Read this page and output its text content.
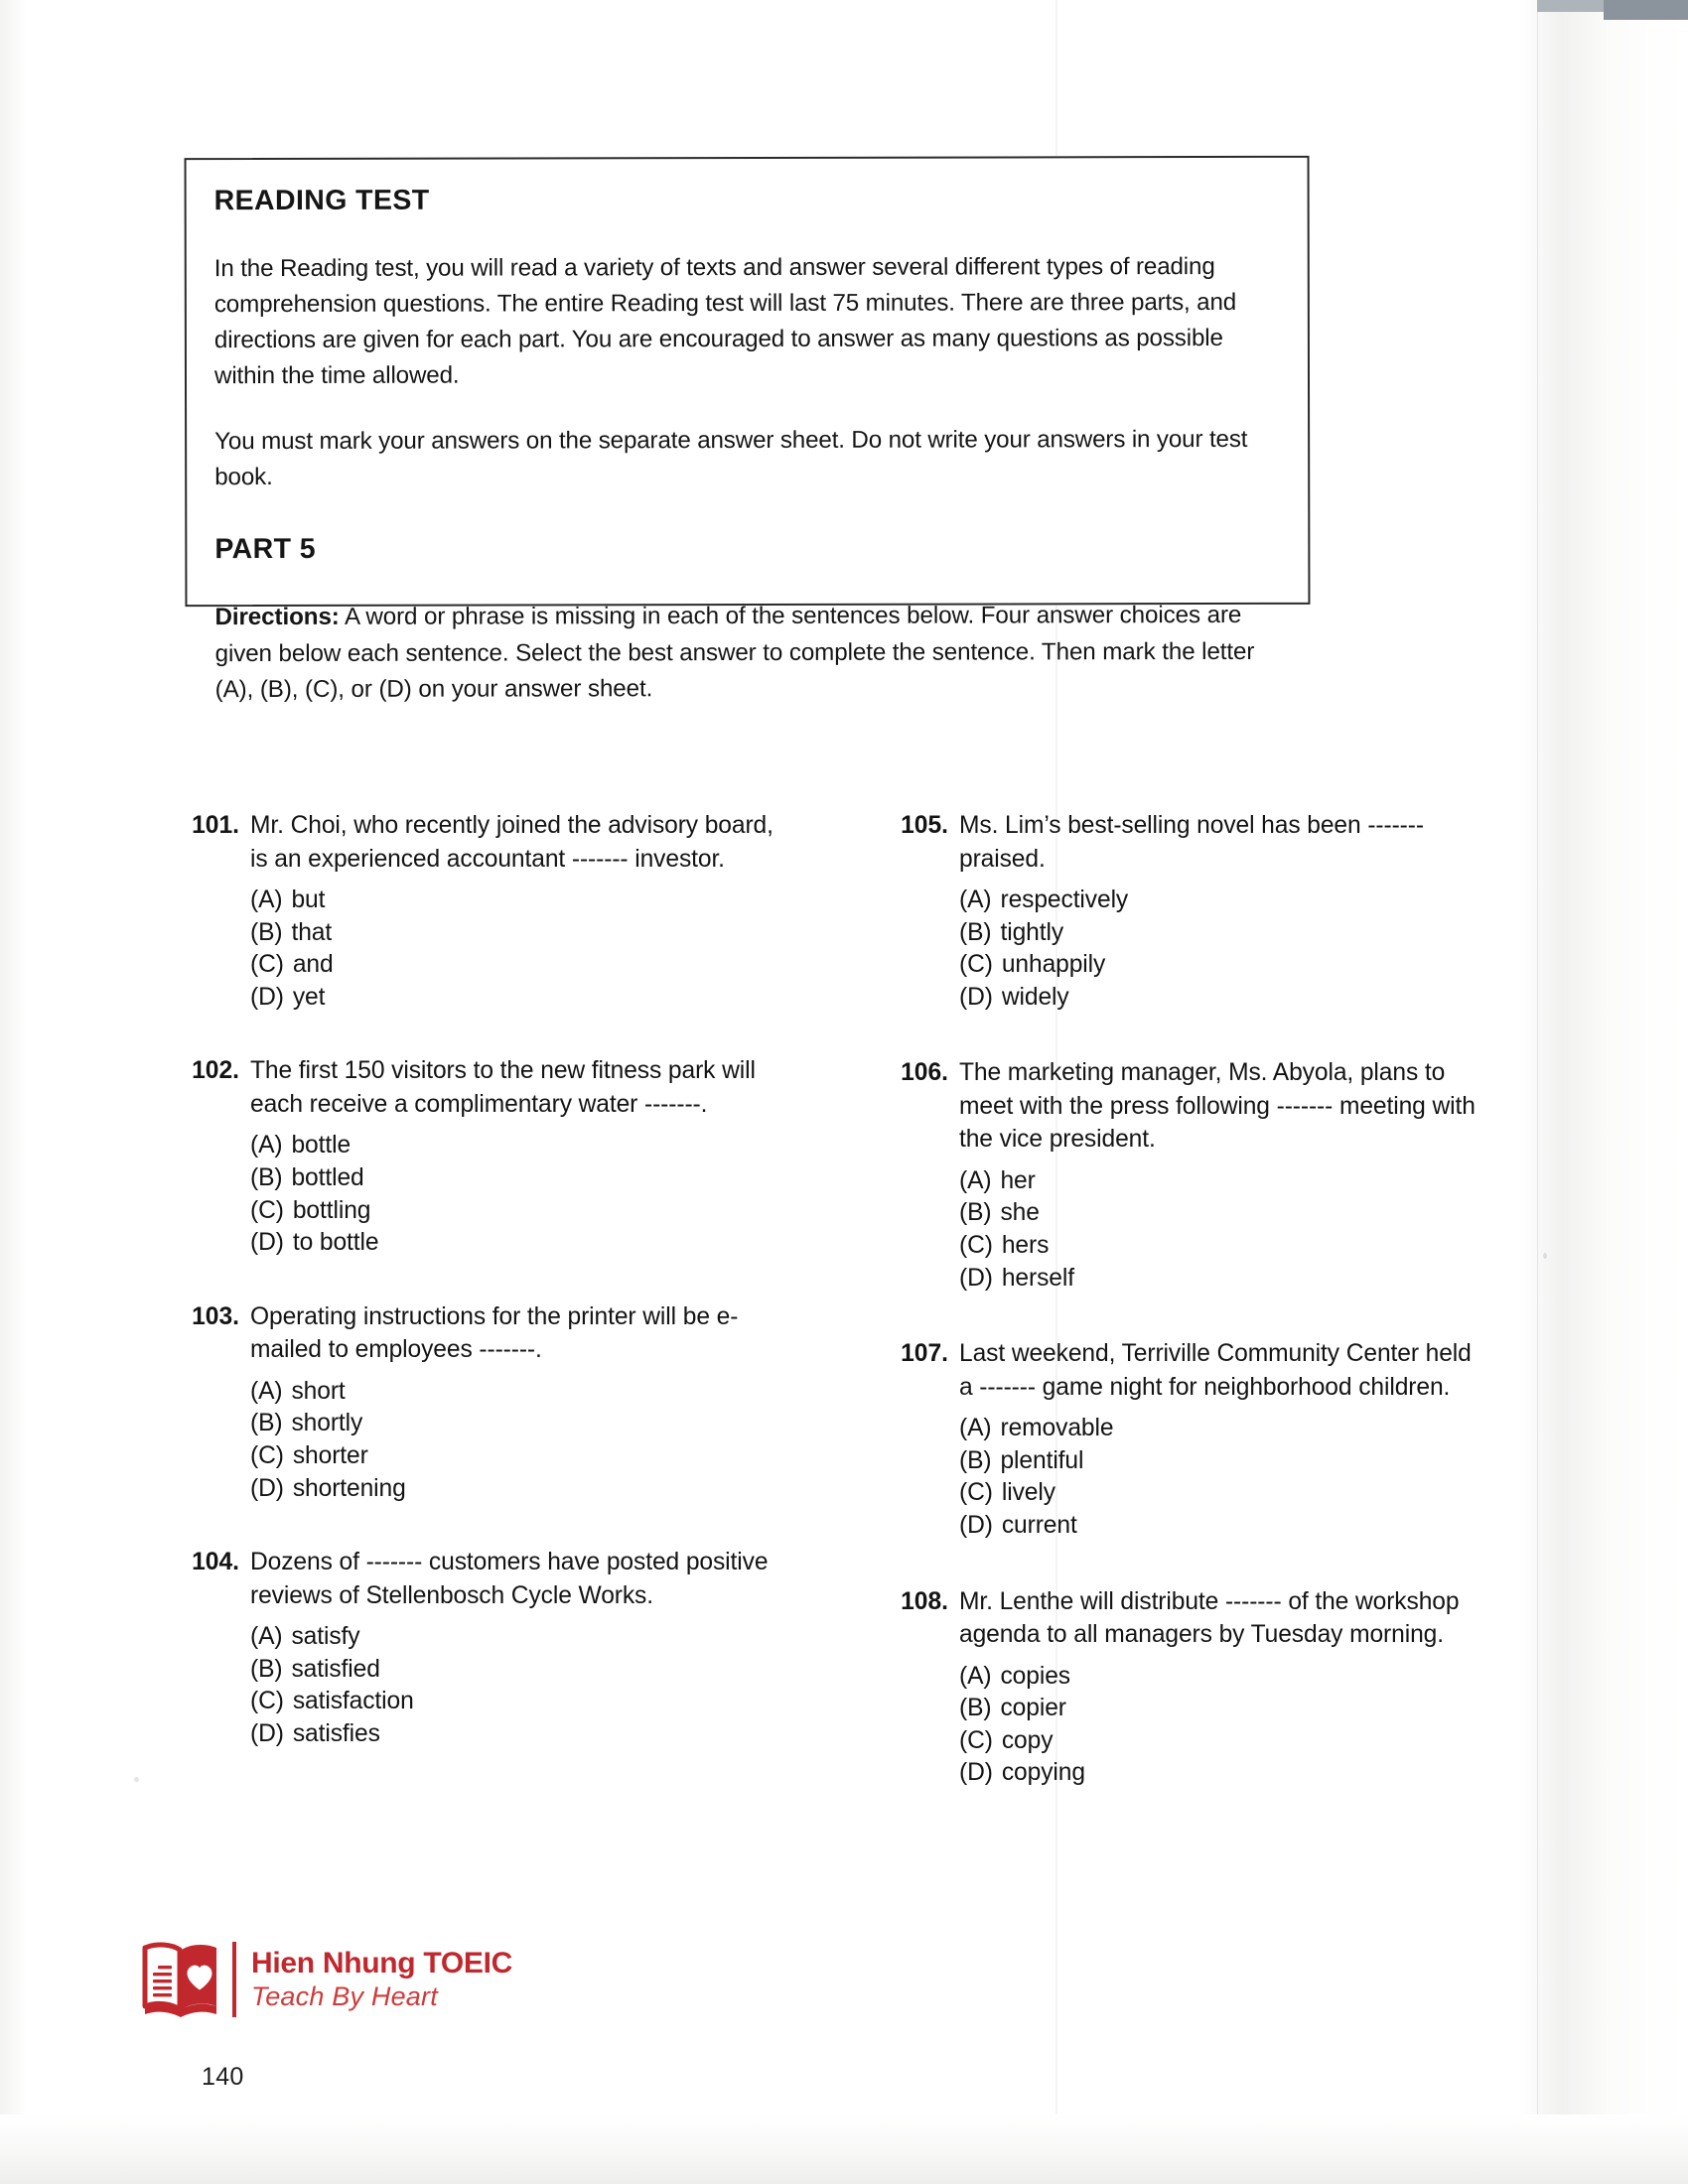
READING TEST

In the Reading test, you will read a variety of texts and answer several different types of reading comprehension questions. The entire Reading test will last 75 minutes. There are three parts, and directions are given for each part. You are encouraged to answer as many questions as possible within the time allowed.

You must mark your answers on the separate answer sheet. Do not write your answers in your test book.

PART 5

Directions: A word or phrase is missing in each of the sentences below. Four answer choices are given below each sentence. Select the best answer to complete the sentence. Then mark the letter (A), (B), (C), or (D) on your answer sheet.

101. Mr. Choi, who recently joined the advisory board, is an experienced accountant ------- investor.

(A) but
(B) that
(C) and
(D) yet
102. The first 150 visitors to the new fitness park will each receive a complimentary water -------.

(A) bottle
(B) bottled
(C) bottling
(D) to bottle
103. Operating instructions for the printer will be e-mailed to employees -------.

(A) short
(B) shortly
(C) shorter
(D) shortening
104. Dozens of ------- customers have posted positive reviews of Stellenbosch Cycle Works.

(A) satisfy
(B) satisfied
(C) satisfaction
(D) satisfies
105. Ms. Lim’s best-selling novel has been ------- praised.

(A) respectively
(B) tightly
(C) unhappily
(D) widely
106. The marketing manager, Ms. Abyola, plans to meet with the press following ------- meeting with the vice president.

(A) her
(B) she
(C) hers
(D) herself
107. Last weekend, Terriville Community Center held a ------- game night for neighborhood children.

(A) removable
(B) plentiful
(C) lively
(D) current
108. Mr. Lenthe will distribute ------- of the workshop agenda to all managers by Tuesday morning.

(A) copies
(B) copier
(C) copy
(D) copying
Hien Nhung TOEIC
Teach By Heart
140
